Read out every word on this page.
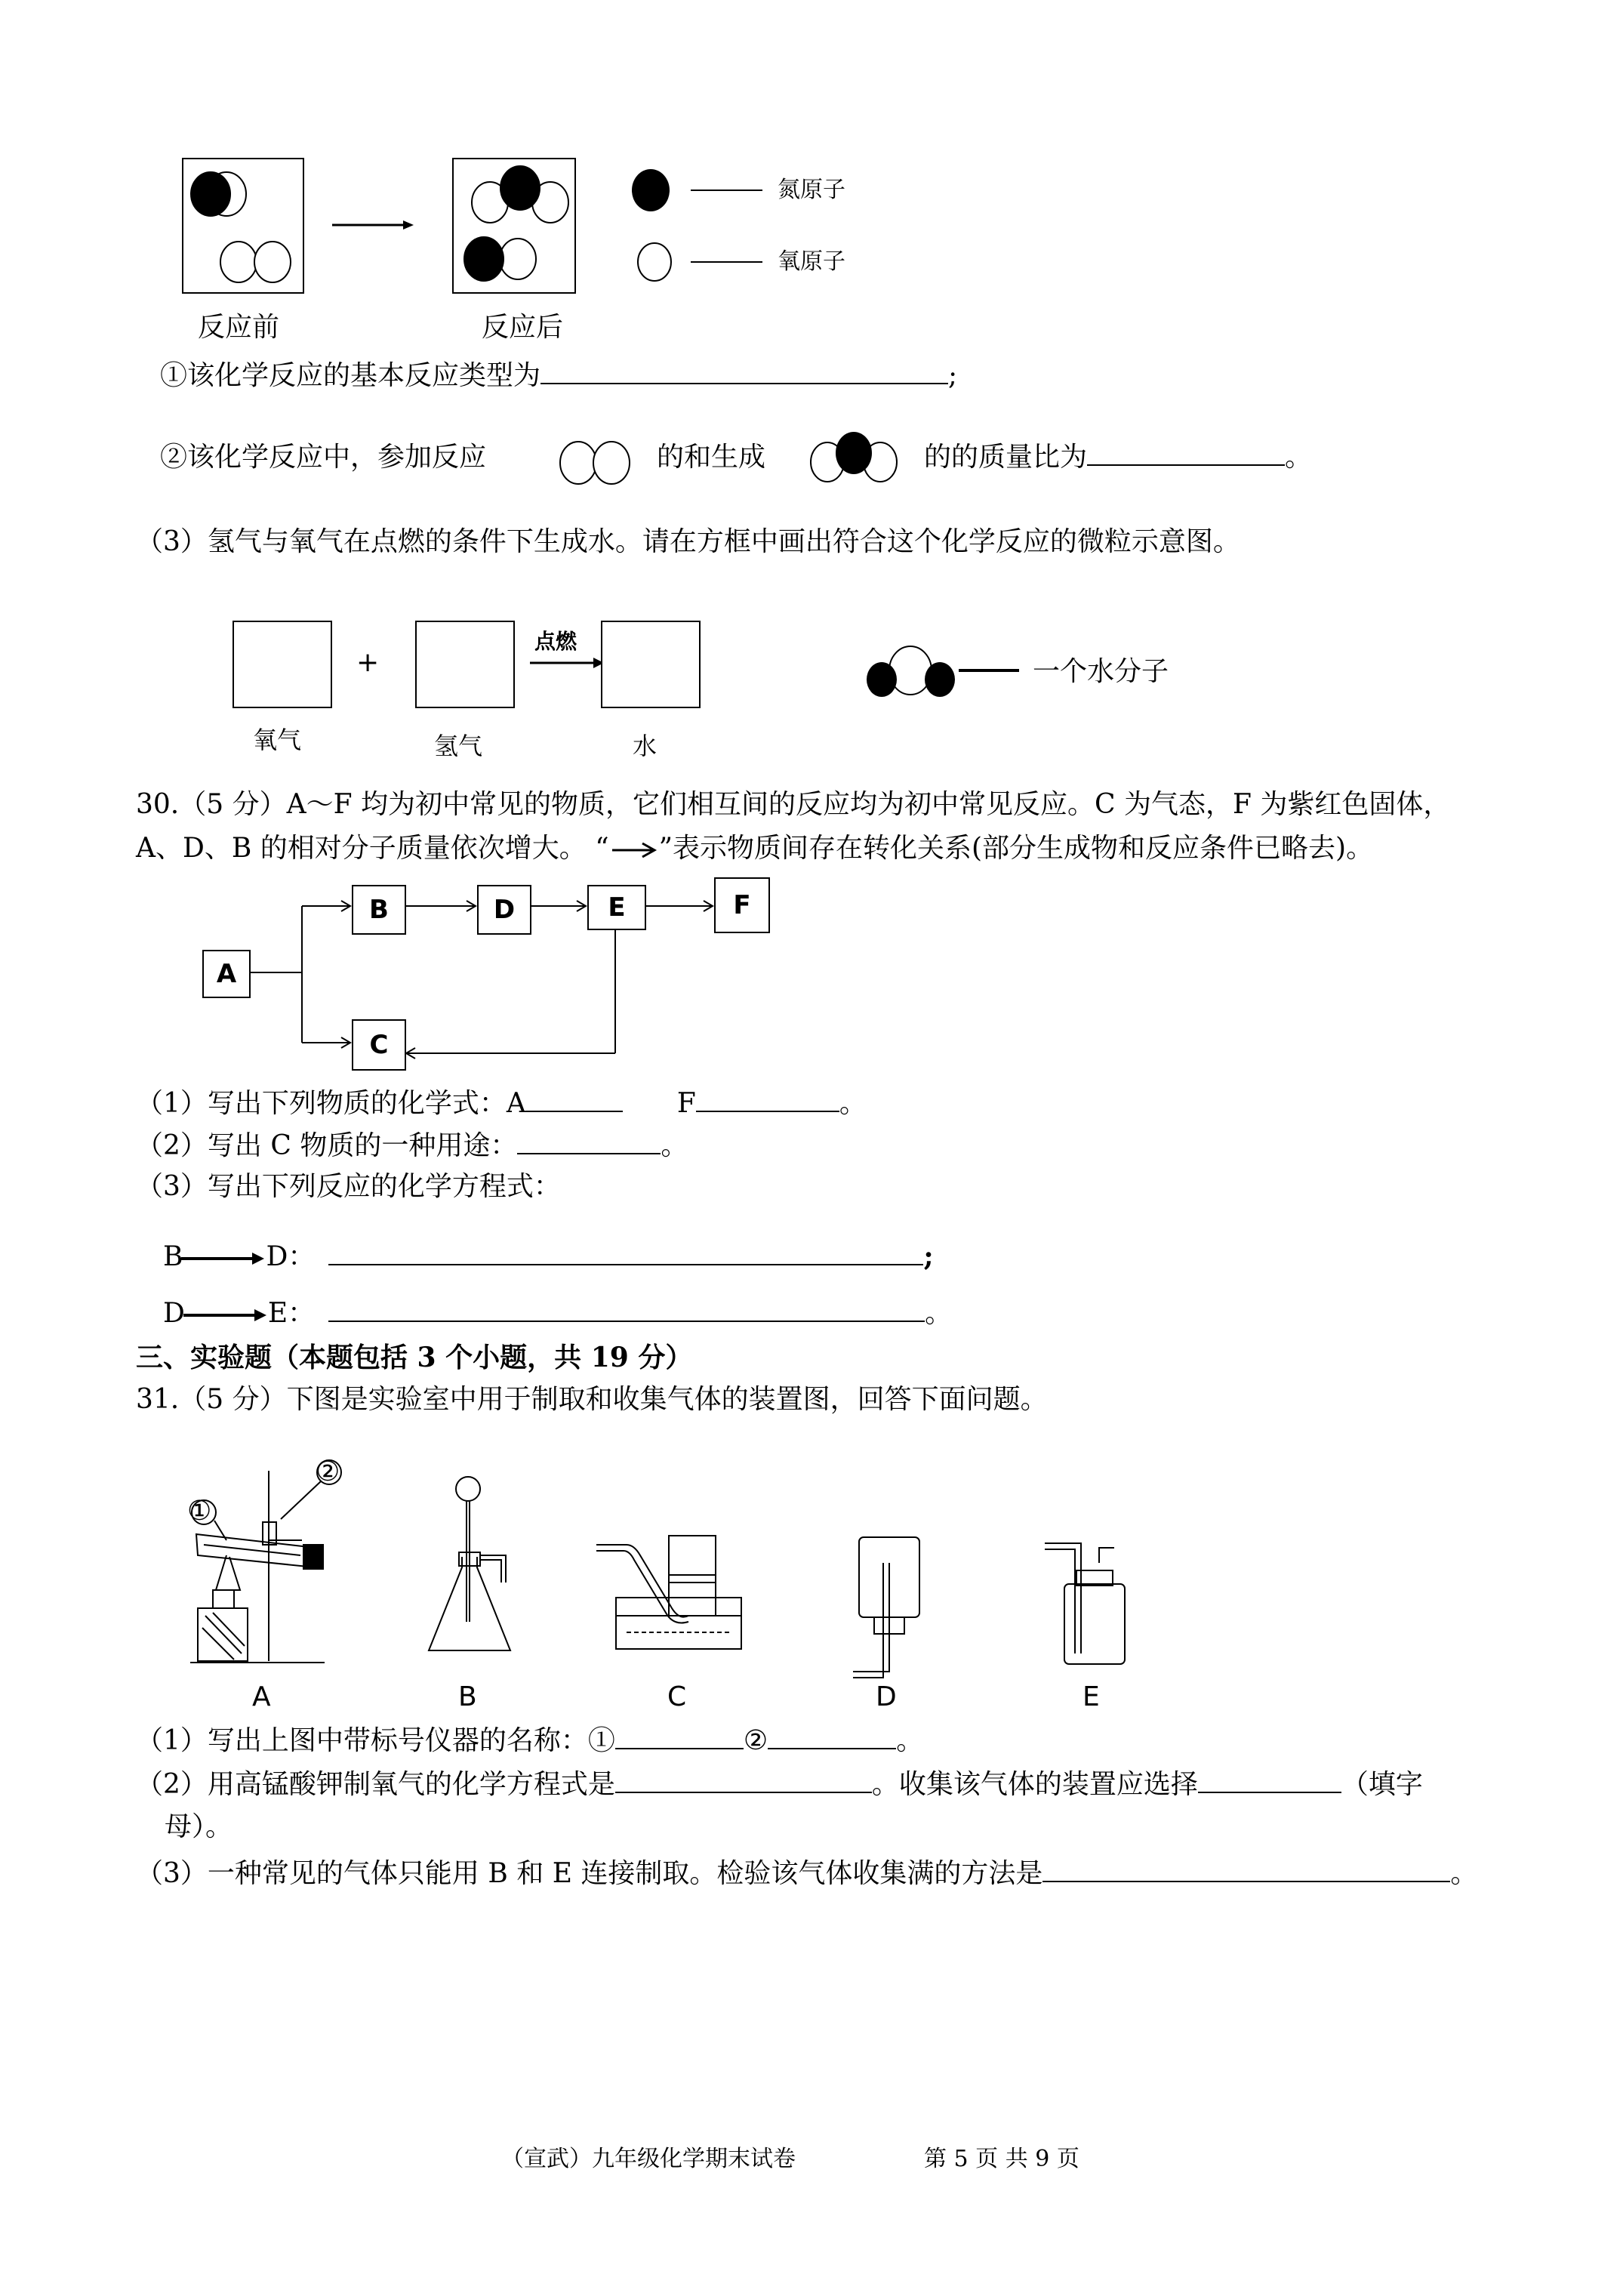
氮原子
氧原子
反应前	反应后
①该化学反应的基本反应类型为	;
②该化学反应中，参加反应	的和生成	的的质量比为	。
（3）氢气与氧气在点燃的条件下生成水。请在方框中画出符合这个化学反应的微粒示意图。
+
点燃
氧气	氢气	水
一个水分子
30.（5 分）A～F 均为初中常见的物质，它们相互间的反应均为初中常见反应。C 为气态，F 为紫红色固体，
A、D、B 的相对分子质量依次增大。 “ ”表示物质间存在转化关系(部分生成物和反应条件已略去)。
A
B	D	E	F
C
（1）写出下列物质的化学式：A	F	。
（2）写出 C 物质的一种用途：	。
（3）写出下列反应的化学方程式：
B	D：	;
D	E：	。
三、实验题（本题包括 3 个小题，共 19 分）
31.（5 分）下图是实验室中用于制取和收集气体的装置图，回答下面问题。
①
②
A	B	C	D	E
（1）写出上图中带标号仪器的名称：①	②	。
（2）用高锰酸钾制氧气的化学方程式是	。收集该气体的装置应选择	（填字
母）。
（3）一种常见的气体只能用 B 和 E 连接制取。检验该气体收集满的方法是	。
（宣武）九年级化学期末试卷	第 5 页 共 9 页
